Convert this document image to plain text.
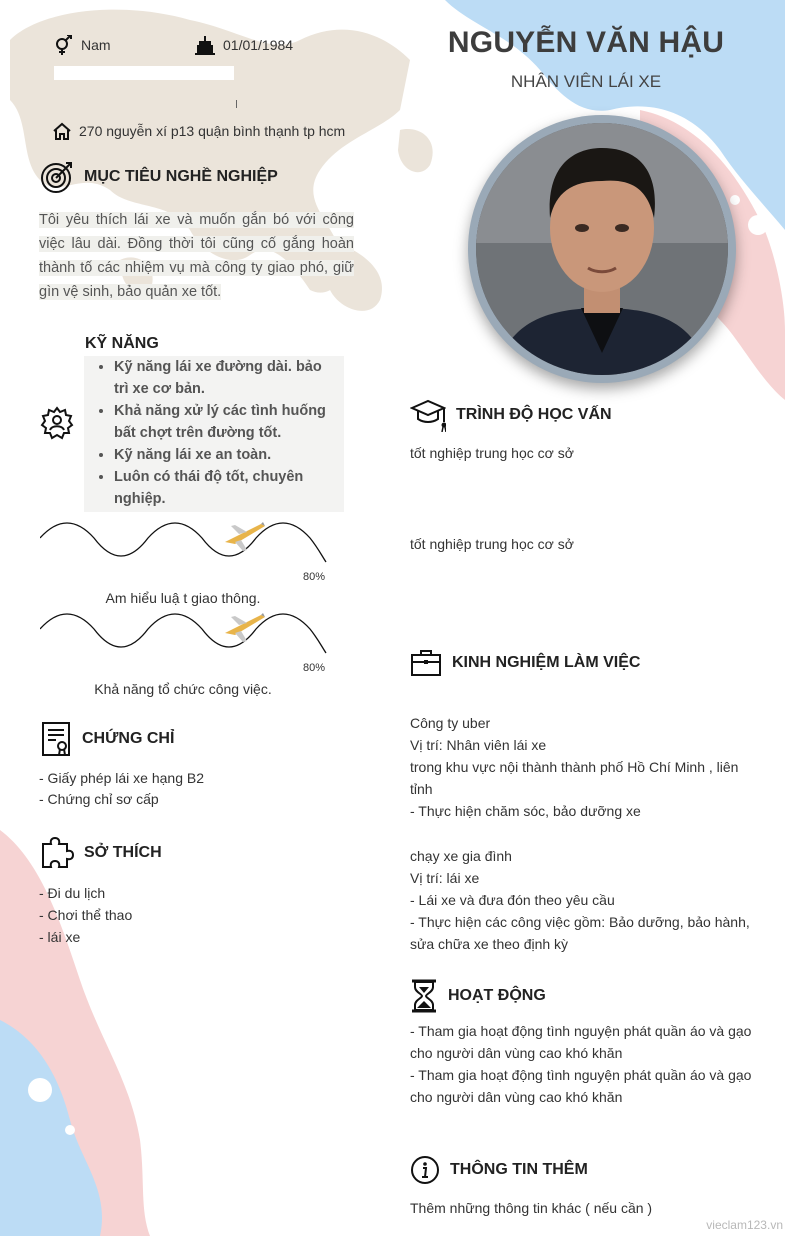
Nam	01/01/1984
270 nguyễn xí p13 quận bình thạnh tp hcm
NGUYỄN VĂN HẬU
NHÂN VIÊN LÁI XE
MỤC TIÊU NGHỀ NGHIỆP
Tôi yêu thích lái xe và muốn gắn bó với công việc lâu dài. Đồng thời tôi cũng cố gắng hoàn thành tố các nhiệm vụ mà công ty giao phó, giữ gìn vệ sinh, bảo quản xe tốt.
KỸ NĂNG
• Kỹ năng lái xe đường dài. bảo trì xe cơ bản.
• Khả năng xử lý các tình huống bất chợt trên đường tốt.
• Kỹ năng lái xe an toàn.
• Luôn có thái độ tốt, chuyên nghiệp.
80%
Am hiểu luậ t giao thông.
80%
Khả năng tổ chức công việc.
CHỨNG CHỈ
- Giấy phép lái xe hạng B2
- Chứng chỉ sơ cấp
SỞ THÍCH
- Đi du lịch
- Chơi thể thao
- lái xe
TRÌNH ĐỘ HỌC VẤN
tốt nghiệp trung học cơ sở
tốt nghiệp trung học cơ sở
KINH NGHIỆM LÀM VIỆC
Công ty uber
Vị trí: Nhân viên lái xe
trong khu vực nội thành thành phố Hồ Chí Minh , liên tỉnh
- Thực hiện chăm sóc, bảo dưỡng xe
chạy xe gia đình
Vị trí: lái xe
- Lái xe và đưa đón theo yêu cầu
- Thực hiện các công việc gồm: Bảo dưỡng, bảo hành, sửa chữa xe theo định kỳ
HOẠT ĐỘNG
- Tham gia hoạt động tình nguyện phát quần áo và gạo cho người dân vùng cao khó khăn
- Tham gia hoạt động tình nguyện phát quần áo và gạo cho người dân vùng cao khó khăn
THÔNG TIN THÊM
Thêm những thông tin khác ( nếu cần )
vieclam123.vn
